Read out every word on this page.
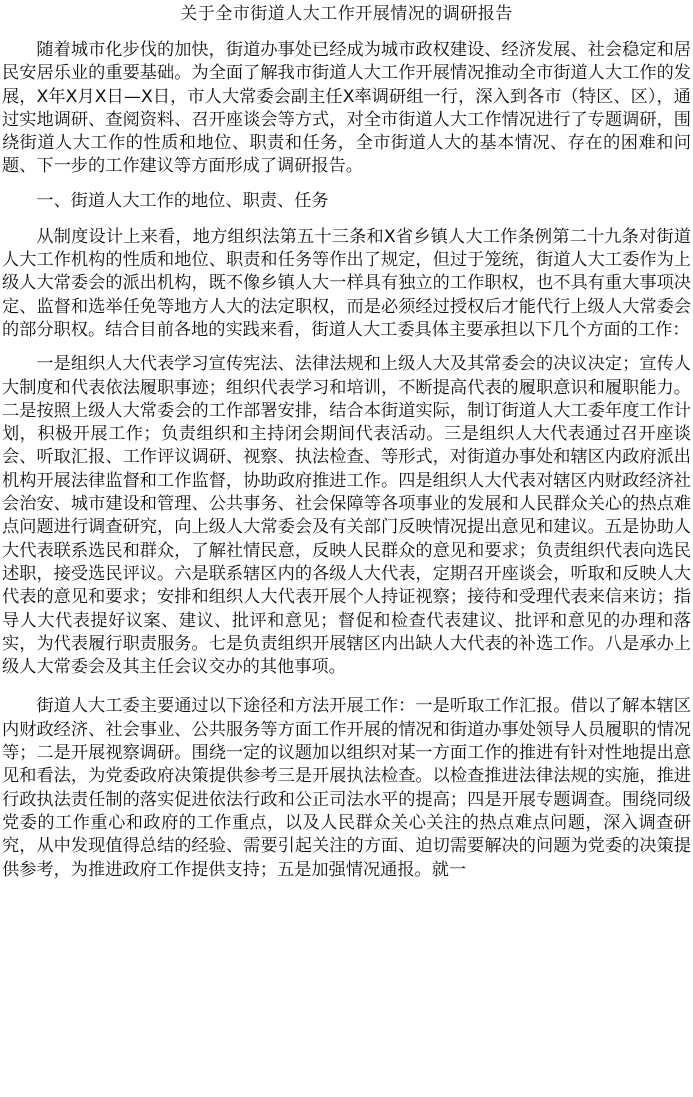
关于全市街道人大工作开展情况的调研报告

随着城市化步伐的加快，街道办事处已经成为城市政权建设、经济发展、社会稳定和居民安居乐业的重要基础。为全面了解我市街道人大工作开展情况推动全市街道人大工作的发展，X年X月X日—X日，市人大常委会副主任X率调研组一行，深入到各市（特区、区），通过实地调研、查阅资料、召开座谈会等方式，对全市街道人大工作情况进行了专题调研，围绕街道人大工作的性质和地位、职责和任务，全市街道人大的基本情况、存在的困难和问题、下一步的工作建议等方面形成了调研报告。

一、街道人大工作的地位、职责、任务

从制度设计上来看，地方组织法第五十三条和X省乡镇人大工作条例第二十九条对街道人大工作机构的性质和地位、职责和任务等作出了规定，但过于笼统，街道人大工委作为上级人大常委会的派出机构，既不像乡镇人大一样具有独立的工作职权，也不具有重大事项决定、监督和选举任免等地方人大的法定职权，而是必须经过授权后才能代行上级人大常委会的部分职权。结合目前各地的实践来看，街道人大工委具体主要承担以下几个方面的工作：

一是组织人大代表学习宣传宪法、法律法规和上级人大及其常委会的决议决定；宣传人大制度和代表依法履职事迹；组织代表学习和培训，不断提高代表的履职意识和履职能力。二是按照上级人大常委会的工作部署安排，结合本街道实际，制订街道人大工委年度工作计划，积极开展工作；负责组织和主持闭会期间代表活动。三是组织人大代表通过召开座谈会、听取汇报、工作评议调研、视察、执法检查、等形式，对街道办事处和辖区内政府派出机构开展法律监督和工作监督，协助政府推进工作。四是组织人大代表对辖区内财政经济社会治安、城市建设和管理、公共事务、社会保障等各项事业的发展和人民群众关心的热点难点问题进行调查研究，向上级人大常委会及有关部门反映情况提出意见和建议。五是协助人大代表联系选民和群众，了解社情民意，反映人民群众的意见和要求；负责组织代表向选民述职，接受选民评议。六是联系辖区内的各级人大代表，定期召开座谈会，听取和反映人大代表的意见和要求；安排和组织人大代表开展个人持证视察；接待和受理代表来信来访；指导人大代表提好议案、建议、批评和意见；督促和检查代表建议、批评和意见的办理和落实，为代表履行职责服务。七是负责组织开展辖区内出缺人大代表的补选工作。八是承办上级人大常委会及其主任会议交办的其他事项。

街道人大工委主要通过以下途径和方法开展工作：一是听取工作汇报。借以了解本辖区内财政经济、社会事业、公共服务等方面工作开展的情况和街道办事处领导人员履职的情况等；二是开展视察调研。围绕一定的议题加以组织对某一方面工作的推进有针对性地提出意见和看法，为党委政府决策提供参考三是开展执法检查。以检查推进法律法规的实施，推进行政执法责任制的落实促进依法行政和公正司法水平的提高；四是开展专题调查。围绕同级党委的工作重心和政府的工作重点，以及人民群众关心关注的热点难点问题，深入调查研究，从中发现值得总结的经验、需要引起关注的方面、迫切需要解决的问题为党委的决策提供参考，为推进政府工作提供支持；五是加强情况通报。就一
